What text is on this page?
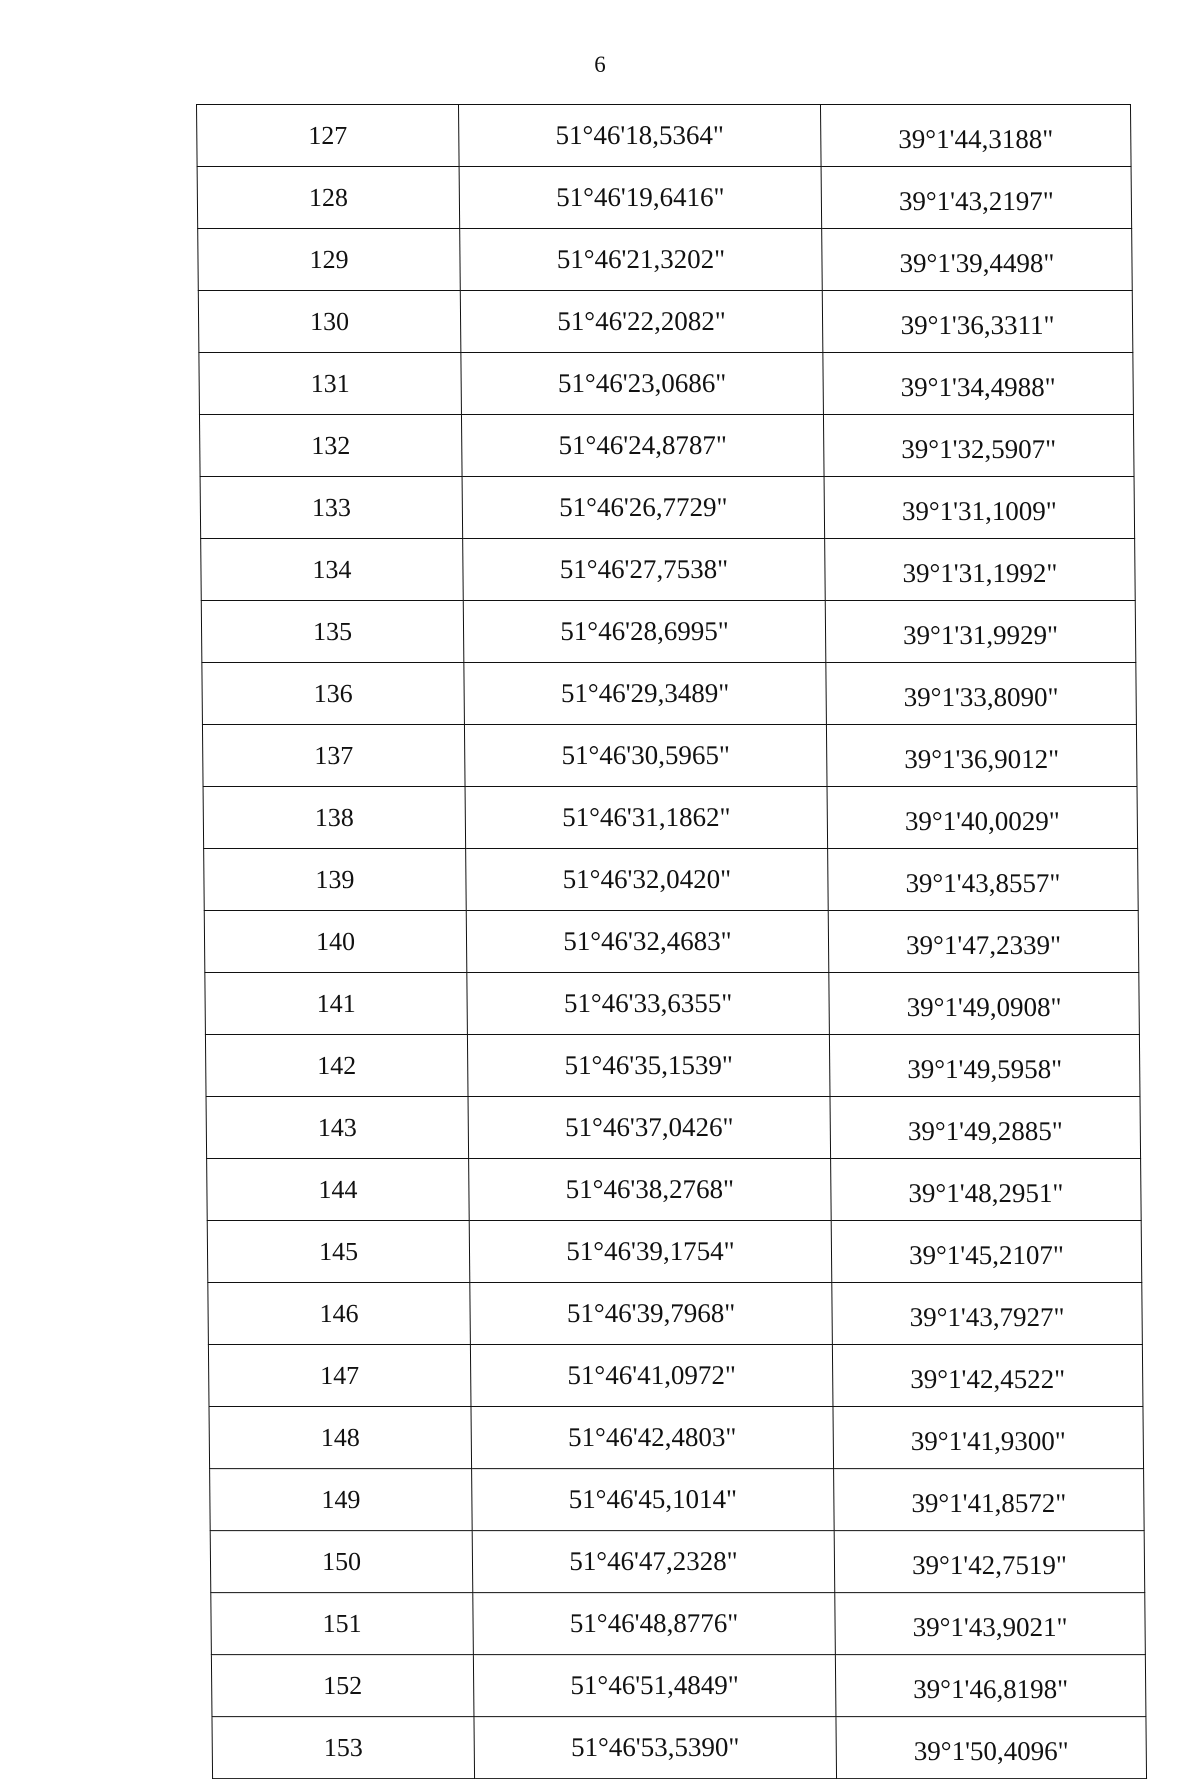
6
127	51°46'18,5364"	39°1'44,3188"
128	51°46'19,6416"	39°1'43,2197"
129	51°46'21,3202"	39°1'39,4498"
130	51°46'22,2082"	39°1'36,3311"
131	51°46'23,0686"	39°1'34,4988"
132	51°46'24,8787"	39°1'32,5907"
133	51°46'26,7729"	39°1'31,1009"
134	51°46'27,7538"	39°1'31,1992"
135	51°46'28,6995"	39°1'31,9929"
136	51°46'29,3489"	39°1'33,8090"
137	51°46'30,5965"	39°1'36,9012"
138	51°46'31,1862"	39°1'40,0029"
139	51°46'32,0420"	39°1'43,8557"
140	51°46'32,4683"	39°1'47,2339"
141	51°46'33,6355"	39°1'49,0908"
142	51°46'35,1539"	39°1'49,5958"
143	51°46'37,0426"	39°1'49,2885"
144	51°46'38,2768"	39°1'48,2951"
145	51°46'39,1754"	39°1'45,2107"
146	51°46'39,7968"	39°1'43,7927"
147	51°46'41,0972"	39°1'42,4522"
148	51°46'42,4803"	39°1'41,9300"
149	51°46'45,1014"	39°1'41,8572"
150	51°46'47,2328"	39°1'42,7519"
151	51°46'48,8776"	39°1'43,9021"
152	51°46'51,4849"	39°1'46,8198"
153	51°46'53,5390"	39°1'50,4096"
